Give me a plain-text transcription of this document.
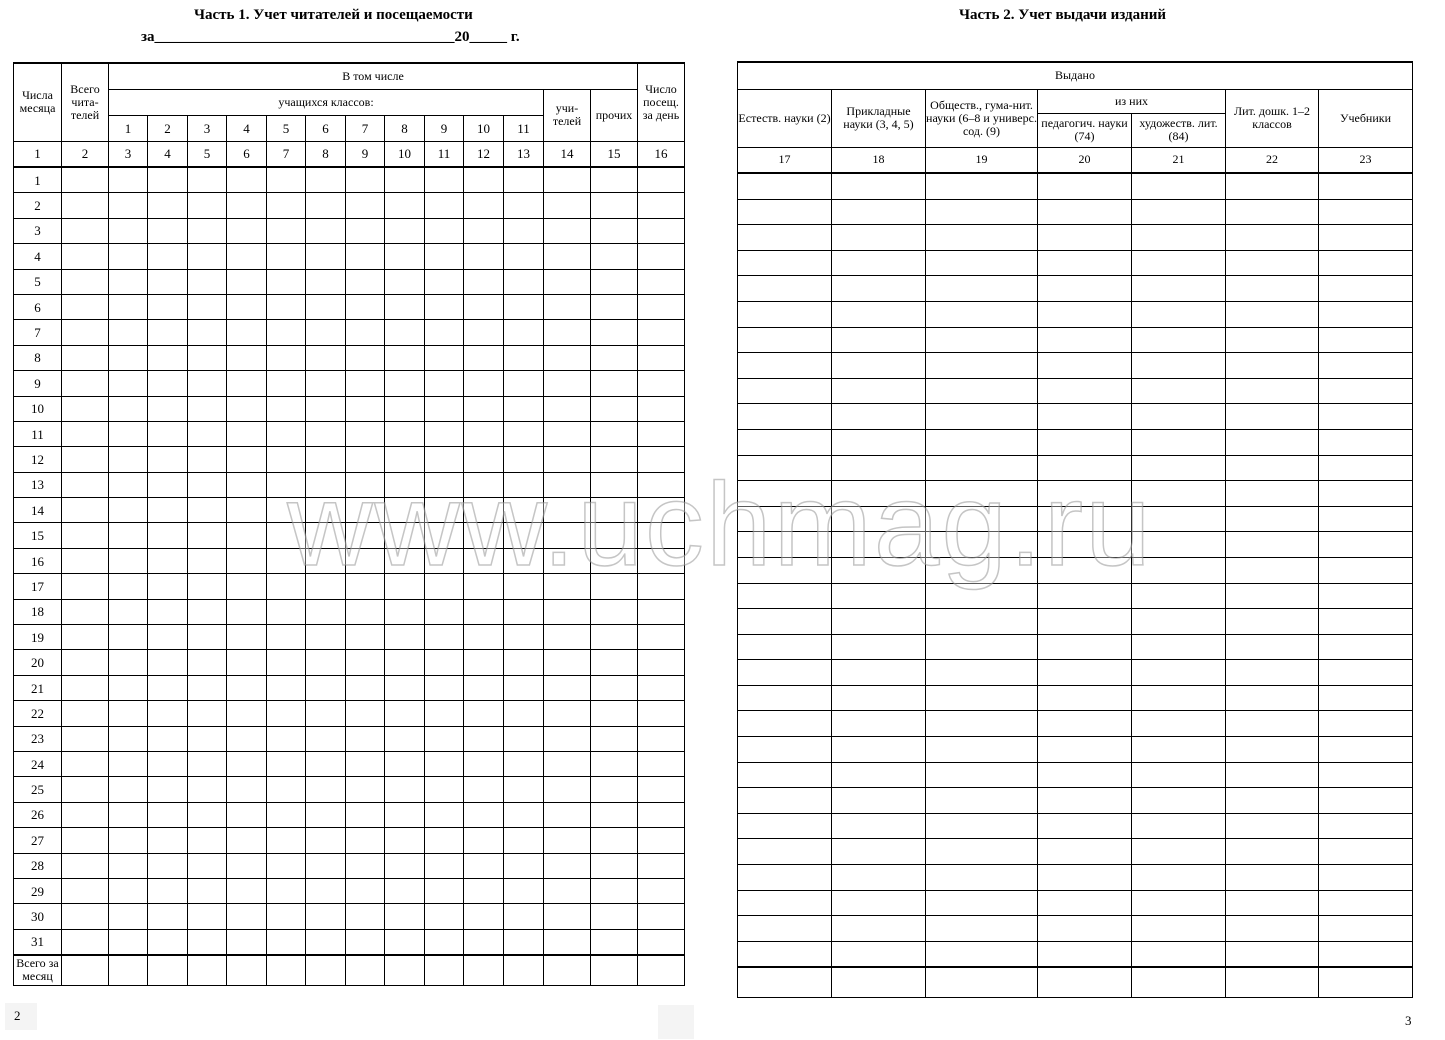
Часть 1. Учет читателей и посещаемости
за________________________________________20_____ г.
Числа месяца	Всего чита-телей	В том числе													Число посещ. за день
		учащихся классов:											учи-телей	прочих	
		1	2	3	4	5	6	7	8	9	10	11			
1	2	3	4	5	6	7	8	9	10	11	12	13	14	15	16
1															
2															
3															
4															
5															
6															
7															
8															
9															
10															
11															
12															
13															
14															
15															
16															
17															
18															
19															
20															
21															
22															
23															
24															
25															
26															
27															
28															
29															
30															
31															
Всего за месяц															
2
Часть 2. Учет выдачи изданий
Выдано						
Естеств. науки (2)	Прикладные науки (3, 4, 5)	Обществ., гума-нит. науки (6–8 и универс. сод. (9)	из них		Лит. дошк. 1–2 классов	Учебники
			педагогич. науки (74)	художеств. лит. (84)		
17	18	19	20	21	22	23

3
www.uchmag.ru
